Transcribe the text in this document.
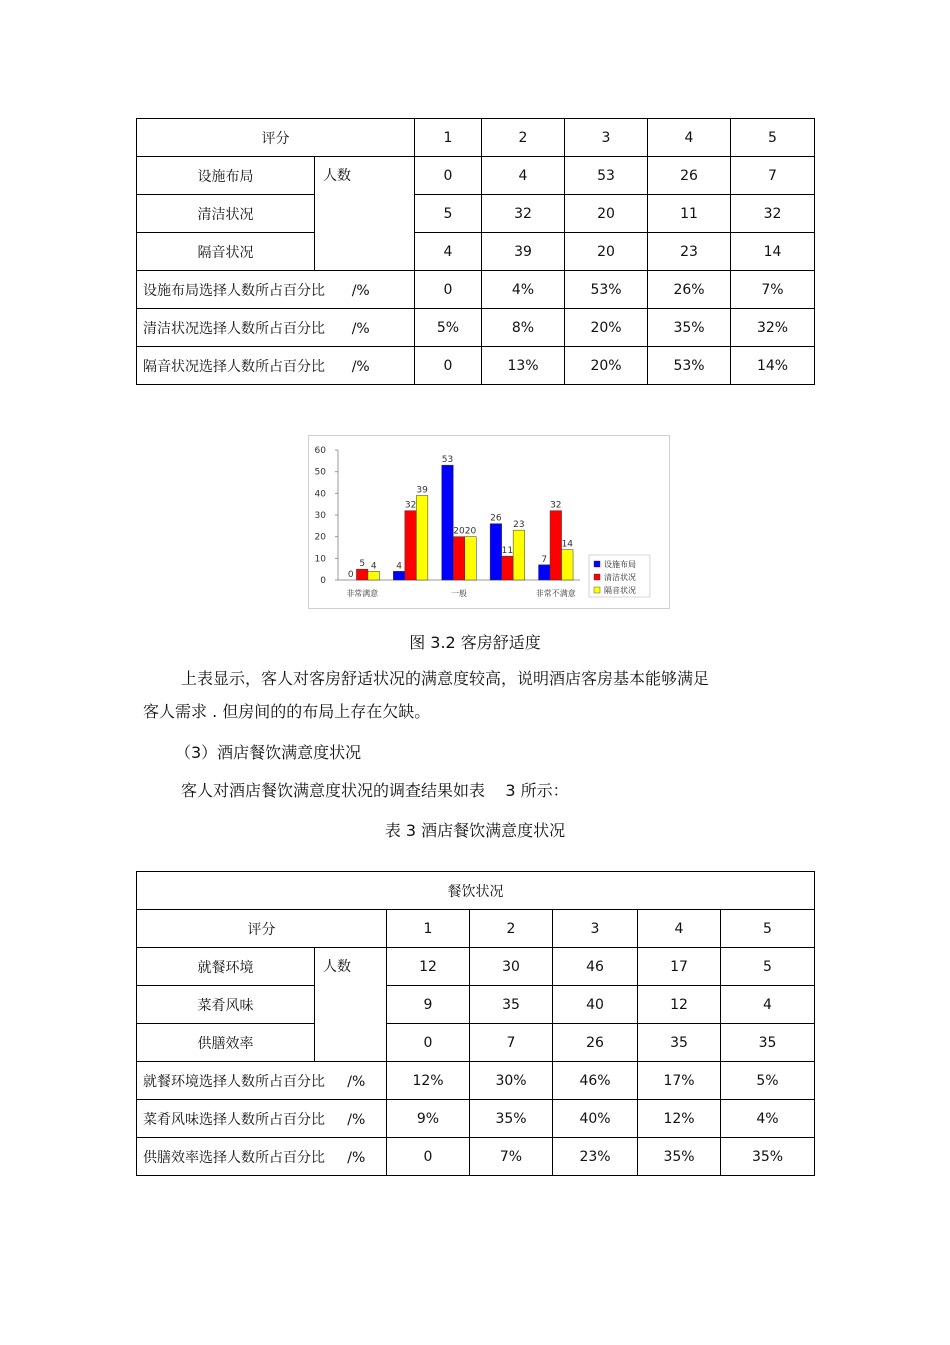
评分		1	2	3	4	5
设施布局	人数	0	4	53	26	7
清洁状况		5	32	20	11	32
隔音状况		4	39	20	23	14
设施布局选择人数所占百分比 /%		0	4%	53%	26%	7%
清洁状况选择人数所占百分比 /%		5%	8%	20%	35%	32%
隔音状况选择人数所占百分比 /%		0	13%	20%	53%	14%
0
10
20
30
40
50
60
非常满意	一般	非常不满意
0
4
53
26
7
5
32
20
11
32
4
39
20
23
14
设施布局
清洁状况
隔音状况
图 3.2 客房舒适度
上表显示，客人对客房舒适状况的满意度较高，说明酒店客房基本能够满足
客人需求 . 但房间的的布局上存在欠缺。
（3）酒店餐饮满意度状况
客人对酒店餐饮满意度状况的调查结果如表    3 所示：
表 3 酒店餐饮满意度状况
餐饮状况						
评分		1	2	3	4	5
就餐环境	人数	12	30	46	17	5
菜肴风味		9	35	40	12	4
供膳效率		0	7	26	35	35
就餐环境选择人数所占百分比 /%		12%	30%	46%	17%	5%
菜肴风味选择人数所占百分比 /%		9%	35%	40%	12%	4%
供膳效率选择人数所占百分比 /%		0	7%	23%	35%	35%
